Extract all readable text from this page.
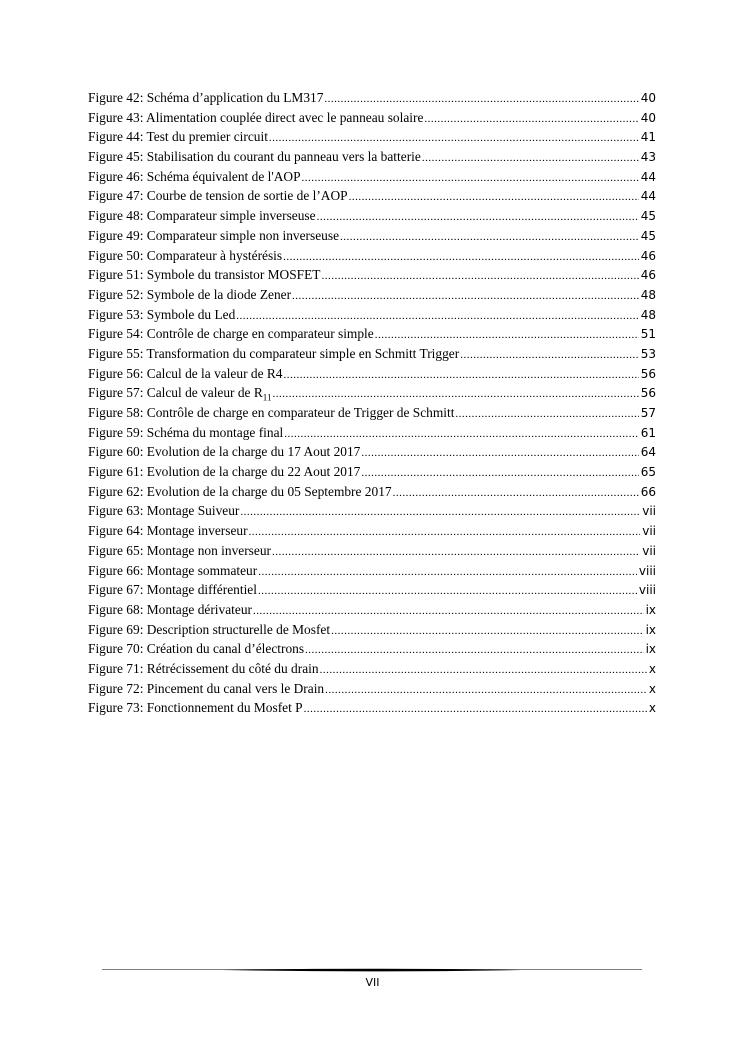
Figure 42: Schéma d’application du LM317 .....	40
Figure 43: Alimentation couplée direct avec le panneau solaire .....	40
Figure 44: Test du premier circuit .....	41
Figure 45: Stabilisation du courant du panneau vers la batterie .....	43
Figure 46: Schéma équivalent de l'AOP .....	44
Figure 47: Courbe de tension de sortie de l’AOP .....	44
Figure 48: Comparateur simple inverseuse .....	45
Figure 49: Comparateur simple non inverseuse .....	45
Figure 50: Comparateur à hystérésis .....	46
Figure 51: Symbole du transistor MOSFET .....	46
Figure 52: Symbole de la diode Zener .....	48
Figure 53: Symbole du Led .....	48
Figure 54: Contrôle de charge en comparateur simple .....	51
Figure 55: Transformation du comparateur simple en Schmitt Trigger .....	53
Figure 56: Calcul de la valeur de R4 .....	56
Figure 57: Calcul de valeur de $R_{11}$ .....	56
Figure 58: Contrôle de charge en comparateur de Trigger de Schmitt .....	57
Figure 59: Schéma du montage final .....	61
Figure 60: Evolution de la charge du 17 Aout 2017 .....	64
Figure 61: Evolution de la charge du 22 Aout 2017 .....	65
Figure 62: Evolution de la charge du 05 Septembre 2017 .....	66
Figure 63: Montage Suiveur .....	vii
Figure 64: Montage inverseur .....	vii
Figure 65: Montage non inverseur .....	vii
Figure 66: Montage sommateur .....	viii
Figure 67: Montage différentiel .....	viii
Figure 68: Montage dérivateur .....	ix
Figure 69: Description structurelle de Mosfet .....	ix
Figure 70: Création du canal d’électrons .....	ix
Figure 71: Rétrécissement du côté du drain .....	x
Figure 72: Pincement du canal vers le Drain .....	x
Figure 73: Fonctionnement du Mosfet P .....	x
VII
